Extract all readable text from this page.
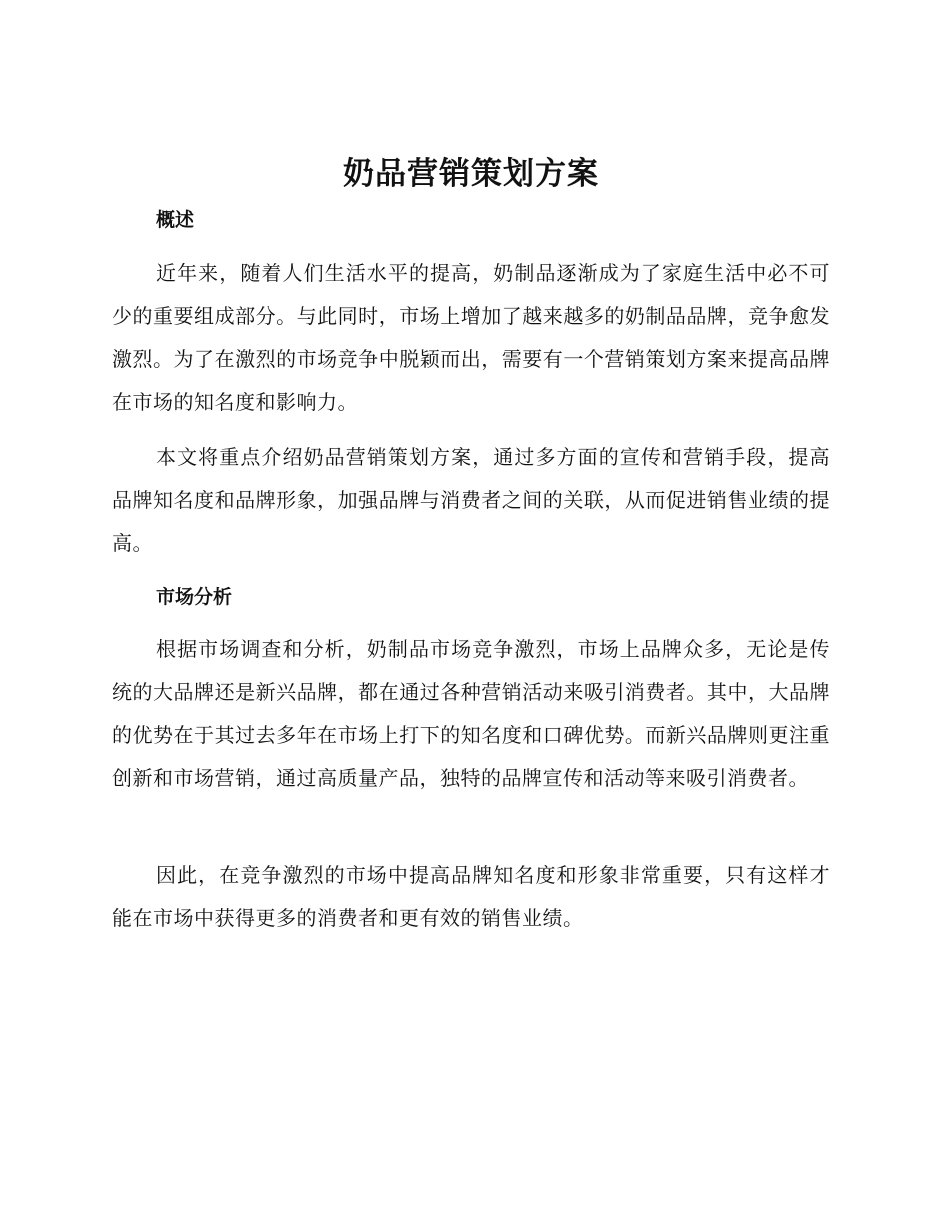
奶品营销策划方案
概述

近年来，随着人们生活水平的提高，奶制品逐渐成为了家庭生活中必不可少的重要组成部分。与此同时，市场上增加了越来越多的奶制品品牌，竞争愈发激烈。为了在激烈的市场竞争中脱颖而出，需要有一个营销策划方案来提高品牌在市场的知名度和影响力。

本文将重点介绍奶品营销策划方案，通过多方面的宣传和营销手段，提高品牌知名度和品牌形象，加强品牌与消费者之间的关联，从而促进销售业绩的提高。

市场分析

根据市场调查和分析，奶制品市场竞争激烈，市场上品牌众多，无论是传统的大品牌还是新兴品牌，都在通过各种营销活动来吸引消费者。其中，大品牌的优势在于其过去多年在市场上打下的知名度和口碑优势。而新兴品牌则更注重创新和市场营销，通过高质量产品，独特的品牌宣传和活动等来吸引消费者。

因此，在竞争激烈的市场中提高品牌知名度和形象非常重要，只有这样才能在市场中获得更多的消费者和更有效的销售业绩。
